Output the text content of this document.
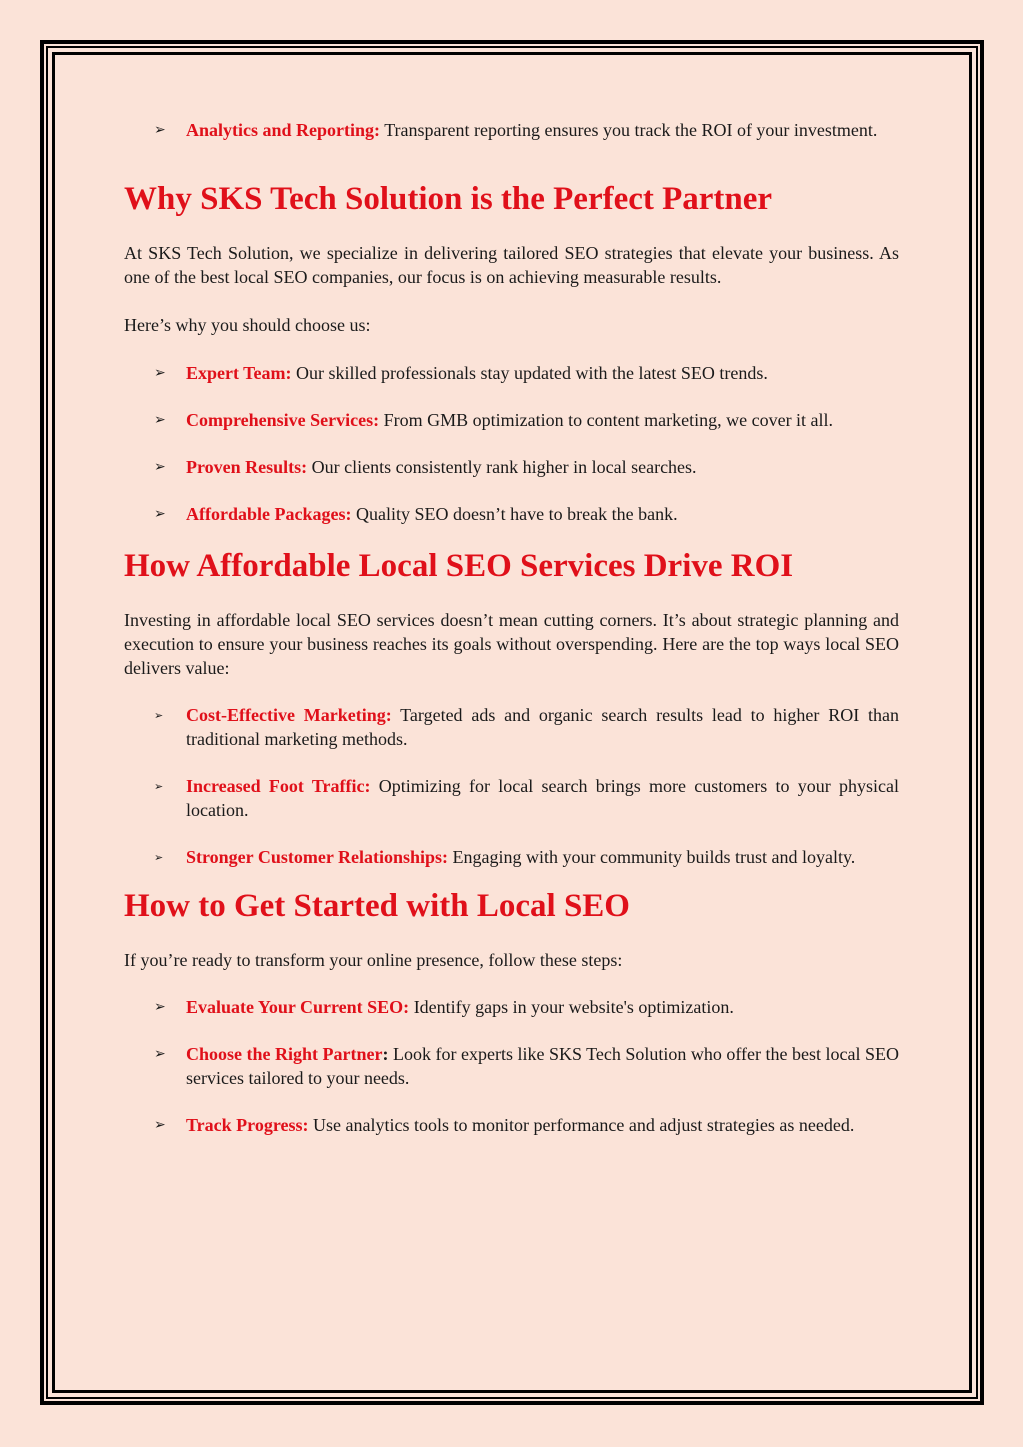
➢ Analytics and Reporting: Transparent reporting ensures you track the ROI of your investment.

Why SKS Tech Solution is the Perfect Partner

At SKS Tech Solution, we specialize in delivering tailored SEO strategies that elevate your business. As one of the best local SEO companies, our focus is on achieving measurable results.

Here’s why you should choose us:

➢ Expert Team: Our skilled professionals stay updated with the latest SEO trends.

➢ Comprehensive Services: From GMB optimization to content marketing, we cover it all.

➢ Proven Results: Our clients consistently rank higher in local searches.

➢ Affordable Packages: Quality SEO doesn’t have to break the bank.

How Affordable Local SEO Services Drive ROI

Investing in affordable local SEO services doesn’t mean cutting corners. It’s about strategic planning and execution to ensure your business reaches its goals without overspending. Here are the top ways local SEO delivers value:

➢ Cost-Effective Marketing: Targeted ads and organic search results lead to higher ROI than traditional marketing methods.

➢ Increased Foot Traffic: Optimizing for local search brings more customers to your physical location.

➢ Stronger Customer Relationships: Engaging with your community builds trust and loyalty.

How to Get Started with Local SEO

If you’re ready to transform your online presence, follow these steps:

➢ Evaluate Your Current SEO: Identify gaps in your website's optimization.

➢ Choose the Right Partner: Look for experts like SKS Tech Solution who offer the best local SEO services tailored to your needs.

➢ Track Progress: Use analytics tools to monitor performance and adjust strategies as needed.
